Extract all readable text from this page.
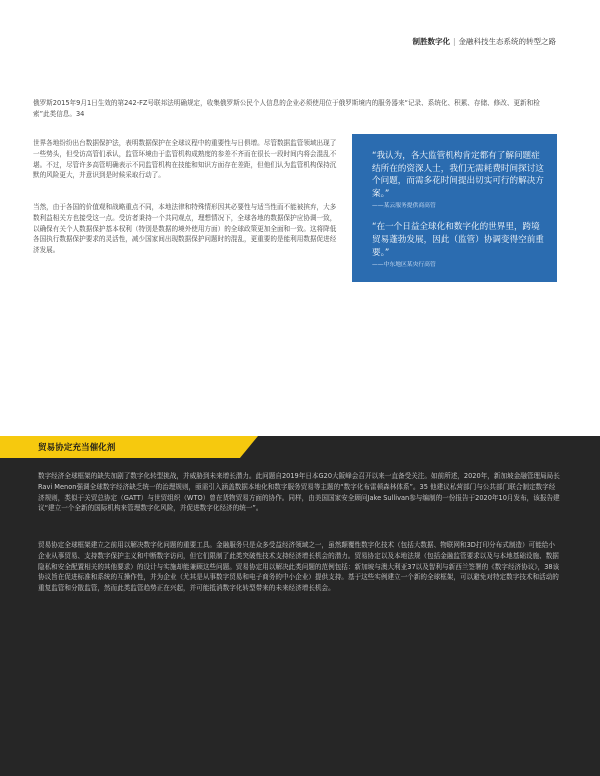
制胜数字化 | 金融科技生态系统的转型之路

俄罗斯2015年9月1日生效的第242-FZ号联邦法明确规定，收集俄罗斯公民个人信息的企业必须使用位于俄罗斯境内的服务器来“记录、系统化、积累、存储、修改、更新和检索”此类信息。34

世界各地纷纷出台数据保护法，表明数据保护在全球议程中的重要性与日俱增。尽管数据监管领域出现了一些势头，但受访高管们承认，监管环境由于监管机构成熟度的参差不齐而在很长一段时间内将会混乱不堪。不过，尽管许多高管明确表示不同监管机构在技能和知识方面存在差距，但他们认为监管机构保持沉默的风险更大，并意识到是时候采取行动了。

当然，由于各国的价值观和战略重点不同，本地法律和特殊情形因其必要性与适当性而不能被摈弃，大多数利益相关方也接受这一点。受访者秉持一个共同观点，理想情况下，全球各地的数据保护应协调一致，以确保有关个人数据保护基本权利（特别是数据的境外使用方面）的全球政策更加全面和一致。这将降低各国执行数据保护要求的灵活性，减少国家间出现数据保护问题时的混乱，更重要的是能利用数据促进经济发展。

“我认为，各大监管机构肯定都有了解问题症结所在的资深人士，我们无需耗费时间探讨这个问题，而需多花时间提出切实可行的解决方案。”

——某云服务提供商高管

“在一个日益全球化和数字化的世界里，跨境贸易蓬勃发展，因此（监管）协调变得空前重要。”

——中东地区某央行高管

贸易协定充当催化剂

数字经济全球框架的缺失加剧了数字化转型挑战，并威胁到未来增长潜力。此问题自2019年日本G20大阪峰会召开以来一直备受关注。如前所述，2020年，新加坡金融管理局局长Ravi Menon强调全球数字经济缺乏统一的治理规则，亟需引入涵盖数据本地化和数字服务贸易等主题的“数字化布雷顿森林体系”。35 他建议私营部门与公共部门联合制定数字经济规则，类似于关贸总协定（GATT）与世贸组织（WTO）曾在货物贸易方面的协作。同样，由美国国家安全顾问Jake Sullivan参与编制的一份报告于2020年10月发布，该报告建议“建立一个全新的国际机构来管理数字化风险，并促进数字化经济的统一”。

贸易协定全球框架建立之前用以解决数字化问题的重要工具。金融服务只是众多受益经济领域之一，虽然颠覆性数字化技术（包括大数据、物联网和3D打印分布式制造）可能给小企业从事贸易、支持数字保护主义和中断数字访问，但它们限制了此类突破性技术支持经济增长机会的潜力。贸易协定以及本地法规（包括金融监管要求以及与本地基础设施、数据隐私和安全配置相关的其他要求）的设计与实施却能兼顾这些问题。贸易协定用以解决此类问题的范例包括：新加坡与澳大利亚37以及智利与新西兰签署的《数字经济协议》，38该协议旨在促进标准和系统的互操作性，并为企业（尤其是从事数字贸易和电子商务的中小企业）提供支持。基于这些实例建立一个新的全球框架，可以避免对特定数字技术和活动的重复监管和分散监管，然而此类监管趋势正在兴起，并可能抵消数字化转型带来的未来经济增长机会。
